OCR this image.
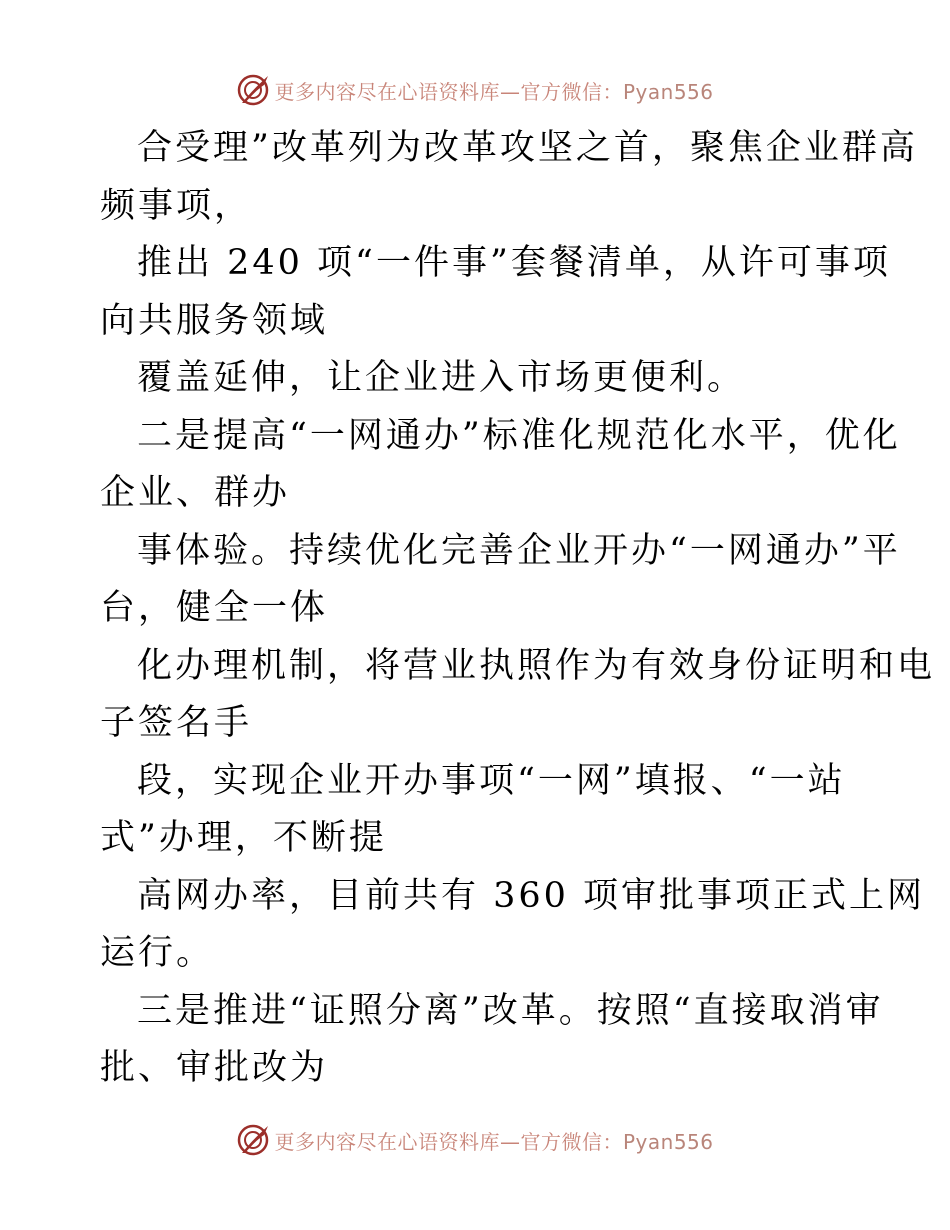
更多内容尽在心语资料库—官方微信：Pyan556
合受理”改革列为改革攻坚之首，聚焦企业群高
频事项，
推出 240 项“一件事”套餐清单，从许可事项
向共服务领域
覆盖延伸，让企业进入市场更便利。
二是提高“一网通办”标准化规范化水平，优化
企业、群办
事体验。持续优化完善企业开办“一网通办”平
台，健全一体
化办理机制，将营业执照作为有效身份证明和电
子签名手
段，实现企业开办事项“一网”填报、“一站
式”办理，不断提
高网办率，目前共有 360 项审批事项正式上网
运行。
三是推进“证照分离”改革。按照“直接取消审
批、审批改为
更多内容尽在心语资料库—官方微信：Pyan556
